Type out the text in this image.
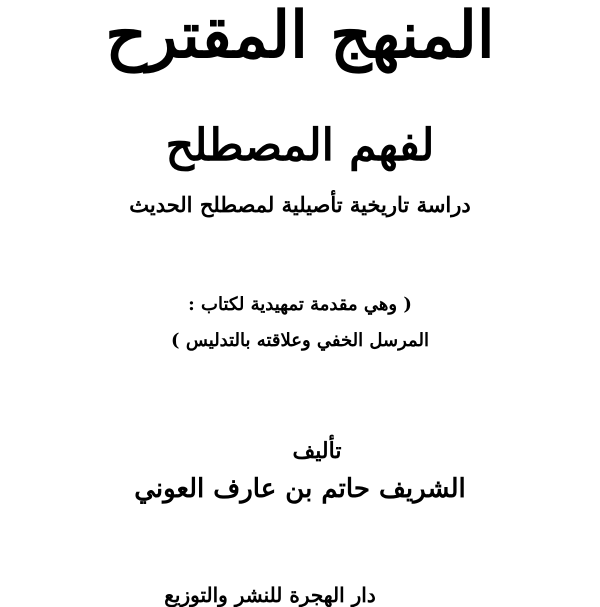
المنهج المقترح
لفهم المصطلح
دراسة تاريخية تأصيلية لمصطلح الحديث
( وهي مقدمة تمهيدية لكتاب :
المرسل الخفي وعلاقته بالتدليس )
تأليف
الشريف حاتم بن عارف العوني
دار الهجرة للنشر والتوزيع
